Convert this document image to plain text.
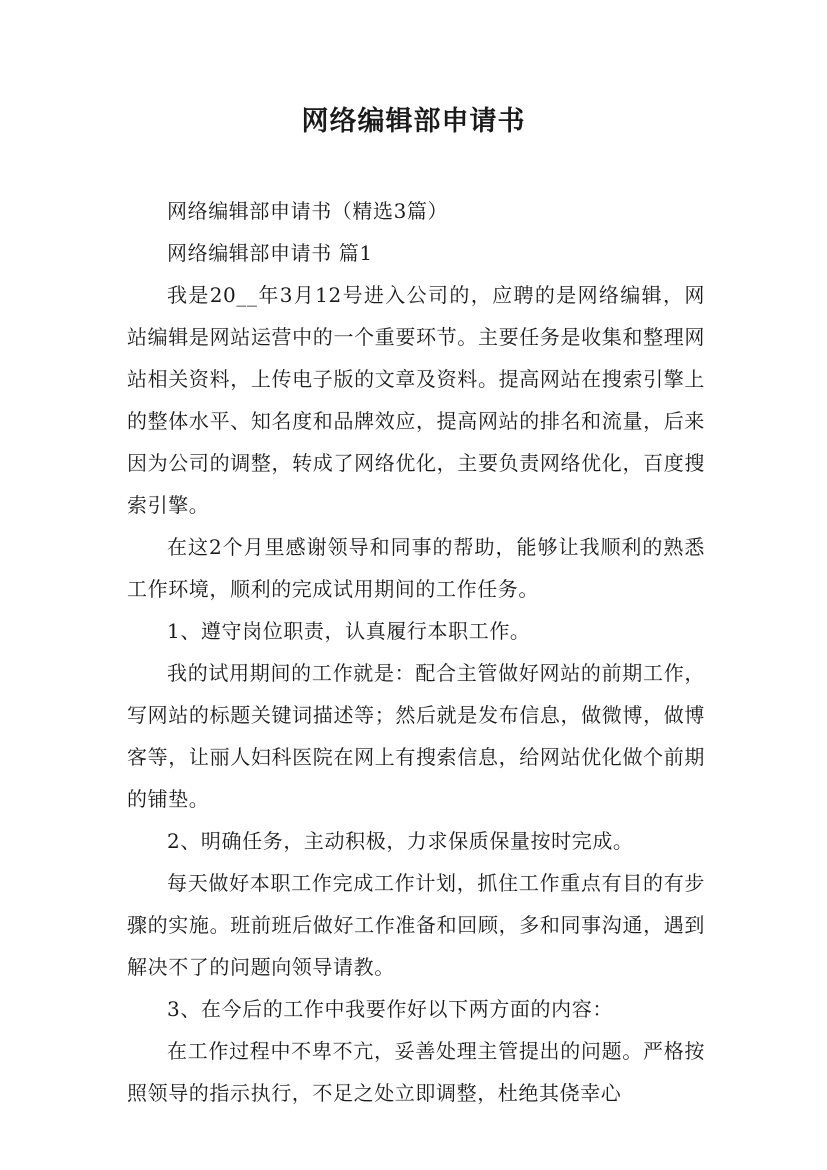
网络编辑部申请书

网络编辑部申请书（精选3篇）

网络编辑部申请书 篇1

我是20__年3月12号进入公司的，应聘的是网络编辑，网站编辑是网站运营中的一个重要环节。主要任务是收集和整理网站相关资料，上传电子版的文章及资料。提高网站在搜索引擎上的整体水平、知名度和品牌效应，提高网站的排名和流量，后来因为公司的调整，转成了网络优化，主要负责网络优化，百度搜索引擎。

在这2个月里感谢领导和同事的帮助，能够让我顺利的熟悉工作环境，顺利的完成试用期间的工作任务。

1、遵守岗位职责，认真履行本职工作。

我的试用期间的工作就是：配合主管做好网站的前期工作，写网站的标题关键词描述等；然后就是发布信息，做微博，做博客等，让丽人妇科医院在网上有搜索信息，给网站优化做个前期的铺垫。

2、明确任务，主动积极，力求保质保量按时完成。

每天做好本职工作完成工作计划，抓住工作重点有目的有步骤的实施。班前班后做好工作准备和回顾，多和同事沟通，遇到解决不了的问题向领导请教。

3、在今后的工作中我要作好以下两方面的内容：

在工作过程中不卑不亢，妥善处理主管提出的问题。严格按照领导的指示执行，不足之处立即调整，杜绝其侥幸心
